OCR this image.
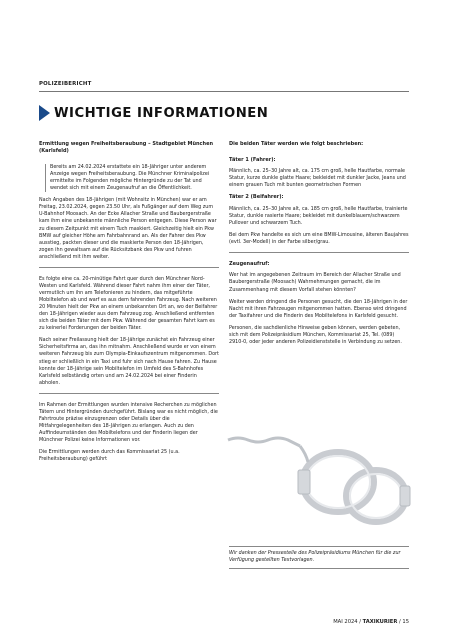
POLIZEIBERICHT
WICHTIGE INFORMATIONEN
Ermittlung wegen Freiheitsberaubung – Stadtgebiet München (Karlsfeld)
Bereits am 24.02.2024 erstattete ein 18-Jähriger unter anderem Anzeige wegen Freiheitsberaubung. Die Münchner Kriminalpolizei ermittelte im Folgenden mögliche Hintergründe zu der Tat und wendet sich mit einem Zeugenaufruf an die Öffentlichkeit.
Nach Angaben des 18-Jährigen (mit Wohnsitz in München) war er am Freitag, 23.02.2024, gegen 23.50 Uhr, als Fußgänger auf dem Weg zum U-Bahnhof Moosach. An der Ecke Allacher Straße und Baubergerstraße kam ihm eine unbekannte männliche Person entgegen. Diese Person war zu diesem Zeitpunkt mit einem Tuch maskiert. Gleichzeitig hielt ein Pkw BMW auf gleicher Höhe am Fahrbahnrand an. Als der Fahrer des Pkw ausstieg, packten dieser und die maskierte Person den 18-Jährigen, zogen ihn gewaltsam auf die Rücksitzbank des Pkw und fuhren anschließend mit ihm weiter.
Es folgte eine ca. 20-minütige Fahrt quer durch den Münchner Nord-Westen und Karlsfeld. Während dieser Fahrt nahm ihm einer der Täter, vermutlich um ihn am Telefonieren zu hindern, das mitgeführte Mobiltelefon ab und warf es aus dem fahrenden Fahrzeug. Nach weiteren 20 Minuten hielt der Pkw an einem unbekannten Ort an, wo der Beifahrer den 18-Jährigen wieder aus dem Fahrzeug zog. Anschließend entfernten sich die beiden Täter mit dem Pkw. Während der gesamten Fahrt kam es zu keinerlei Forderungen der beiden Täter.
Nach seiner Freilassung hielt der 18-Jährige zunächst ein Fahrzeug einer Sicherheitsfirma an, das ihn mitnahm. Anschließend wurde er von einem weiteren Fahrzeug bis zum Olympia-Einkaufszentrum mitgenommen. Dort stieg er schließlich in ein Taxi und fuhr sich nach Hause fahren. Zu Hause konnte der 18-Jährige sein Mobiltelefon im Umfeld des S-Bahnhofes Karlsfeld selbständig orten und am 24.02.2024 bei einer Finderin abholen.
Im Rahmen der Ermittlungen wurden intensive Recherchen zu möglichen Tätern und Hintergründen durchgeführt. Bislang war es nicht möglich, die Fahrtroute präzise einzugrenzen oder Details über die Mitfahrgelegenheiten des 18-Jährigen zu erlangen. Auch zu den Auffindeumständen des Mobiltelefons und der Finderin liegen der Münchner Polizei keine Informationen vor.
Die Ermittlungen werden durch das Kommissariat 25 (u.a. Freiheitsberaubung) geführt
Die beiden Täter werden wie folgt beschrieben:
Täter 1 (Fahrer):
Männlich, ca. 25–30 Jahre alt, ca. 175 cm groß, helle Hautfarbe, normale Statur, kurze dunkle glatte Haare; bekleidet mit dunkler Jacke, Jeans und einem grauen Tuch mit bunten geometrischen Formen
Täter 2 (Beifahrer):
Männlich, ca. 25–30 Jahre alt, ca. 185 cm groß, helle Hautfarbe, trainierte Statur, dunkle rasierte Haare; bekleidet mit dunkelblauem/schwarzem Pullover und schwarzem Tuch.
Bei dem Pkw handelte es sich um eine BMW-Limousine, älteren Baujahres (evtl. 3er-Modell) in der Farbe silber/grau.
Zeugenaufruf:
Wer hat im angegebenen Zeitraum im Bereich der Allacher Straße und Baubergerstraße (Moosach) Wahrnehmungen gemacht, die im Zusammenhang mit diesem Vorfall stehen könnten?
Weiter werden dringend die Personen gesucht, die den 18-Jährigen in der Nacht mit ihren Fahrzeugen mitgenommen hatten. Ebenso wird dringend der Taxifahrer und die Finderin des Mobiltelefons in Karlsfeld gesucht.
Personen, die sachdienliche Hinweise geben können, werden gebeten, sich mit dem Polizeipräsidium München, Kommissariat 25, Tel. (089) 2910-0, oder jeder anderen Polizeidienststelle in Verbindung zu setzen.
Wir danken der Pressestelle des Polizeipräsidiums München für die zur Verfügung gestellten Textvorlagen.
MAI 2024 / TAXIKURIER / 15
